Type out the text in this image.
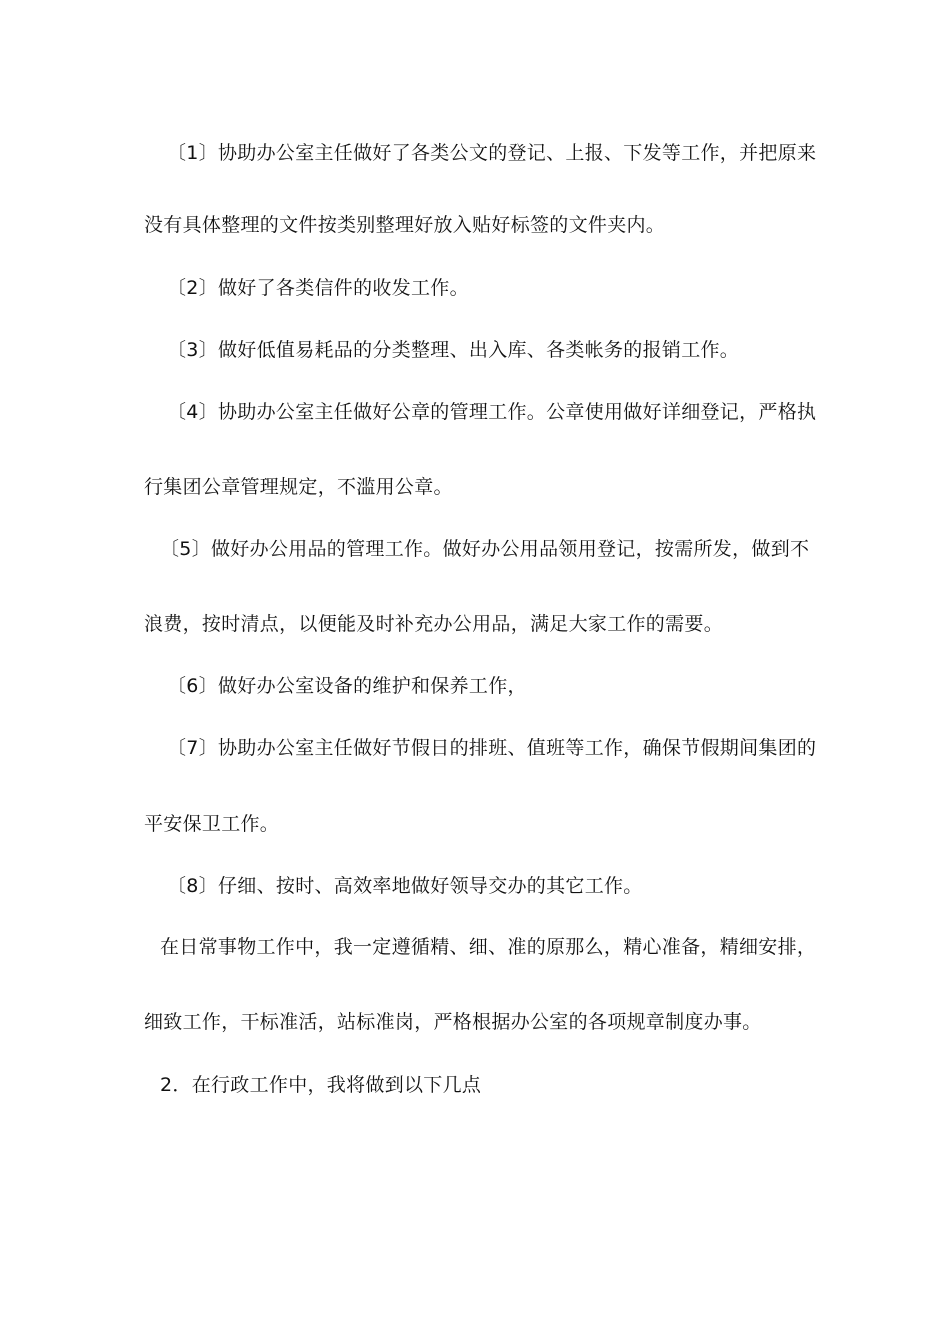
〔1〕协助办公室主任做好了各类公文的登记、上报、下发等工作，并把原来
没有具体整理的文件按类别整理好放入贴好标签的文件夹内。
〔2〕做好了各类信件的收发工作。
〔3〕做好低值易耗品的分类整理、出入库、各类帐务的报销工作。
〔4〕协助办公室主任做好公章的管理工作。公章使用做好详细登记，严格执
行集团公章管理规定，不滥用公章。
〔5〕做好办公用品的管理工作。做好办公用品领用登记，按需所发，做到不
浪费，按时清点，以便能及时补充办公用品，满足大家工作的需要。
〔6〕做好办公室设备的维护和保养工作，
〔7〕协助办公室主任做好节假日的排班、值班等工作，确保节假期间集团的
平安保卫工作。
〔8〕仔细、按时、高效率地做好领导交办的其它工作。
在日常事物工作中，我一定遵循精、细、准的原那么，精心准备，精细安排，
细致工作，干标准活，站标准岗，严格根据办公室的各项规章制度办事。
2．在行政工作中，我将做到以下几点
